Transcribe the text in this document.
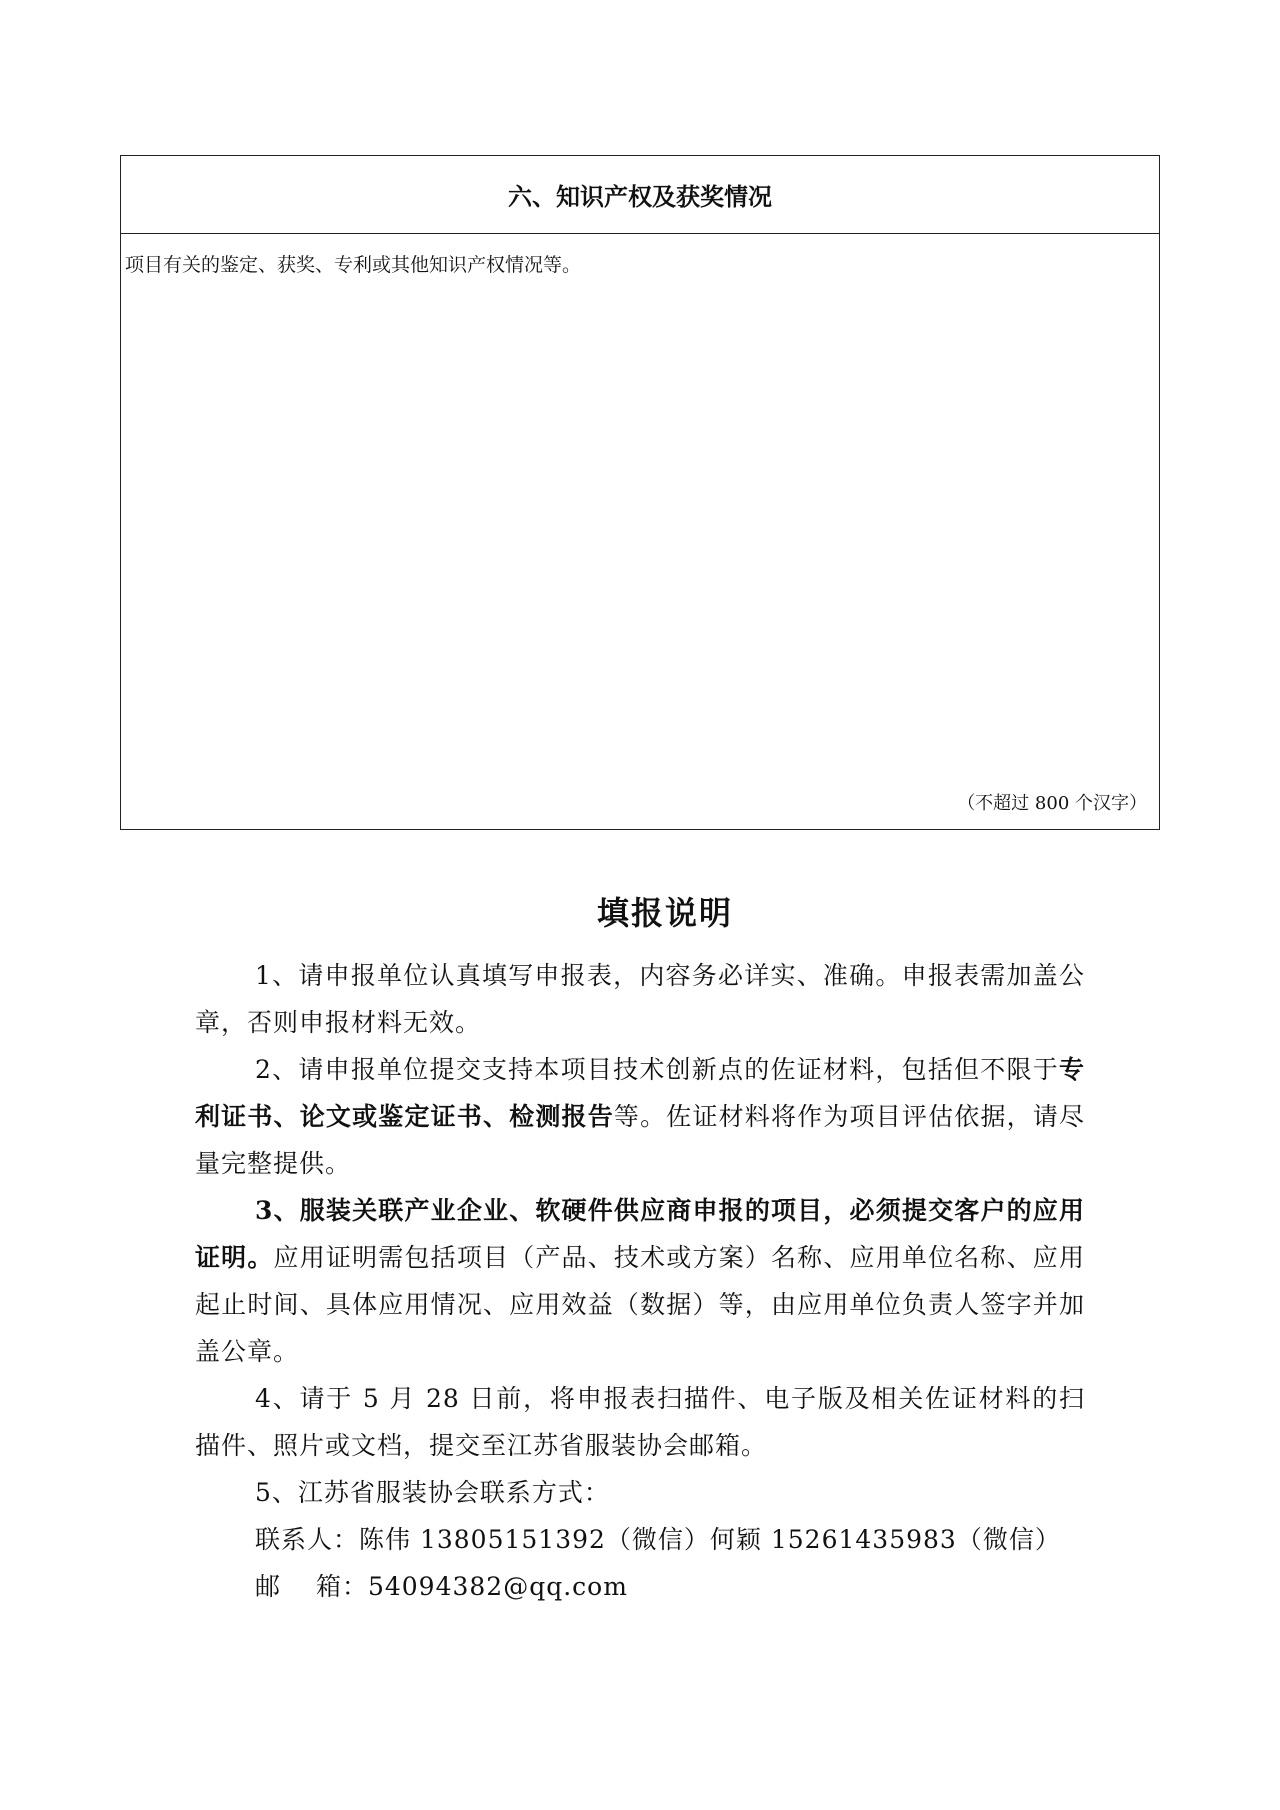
六、知识产权及获奖情况
项目有关的鉴定、获奖、专利或其他知识产权情况等。
（不超过 800 个汉字）
填报说明

1、请申报单位认真填写申报表，内容务必详实、准确。申报表需加盖公章，否则申报材料无效。

2、请申报单位提交支持本项目技术创新点的佐证材料，包括但不限于专利证书、论文或鉴定证书、检测报告等。佐证材料将作为项目评估依据，请尽量完整提供。

3、服装关联产业企业、软硬件供应商申报的项目，必须提交客户的应用证明。应用证明需包括项目（产品、技术或方案）名称、应用单位名称、应用起止时间、具体应用情况、应用效益（数据）等，由应用单位负责人签字并加盖公章。

4、请于 5 月 28 日前，将申报表扫描件、电子版及相关佐证材料的扫描件、照片或文档，提交至江苏省服装协会邮箱。

5、江苏省服装协会联系方式：

联系人：陈伟 13805151392（微信）何颖 15261435983（微信）

邮　 箱：54094382@qq.com
